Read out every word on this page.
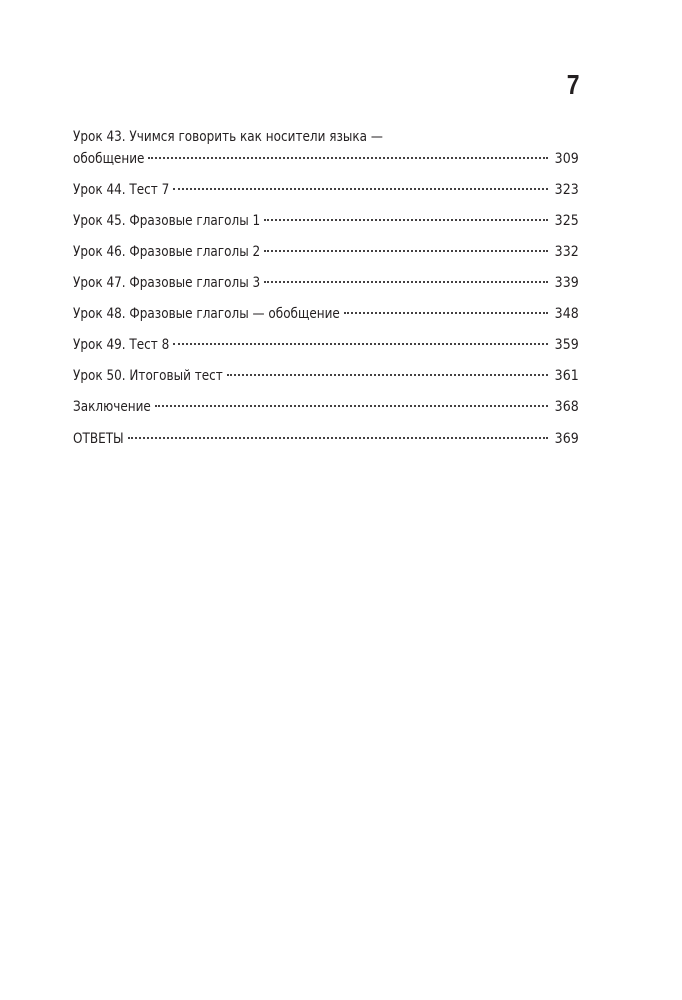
7
Урок 43. Учимся говорить как носители языка —
обобщение	309
Урок 44. Тест 7	323
Урок 45. Фразовые глаголы 1	325
Урок 46. Фразовые глаголы 2	332
Урок 47. Фразовые глаголы 3	339
Урок 48. Фразовые глаголы — обобщение	348
Урок 49. Тест 8	359
Урок 50. Итоговый тест	361
Заключение	368
ОТВЕТЫ	369
